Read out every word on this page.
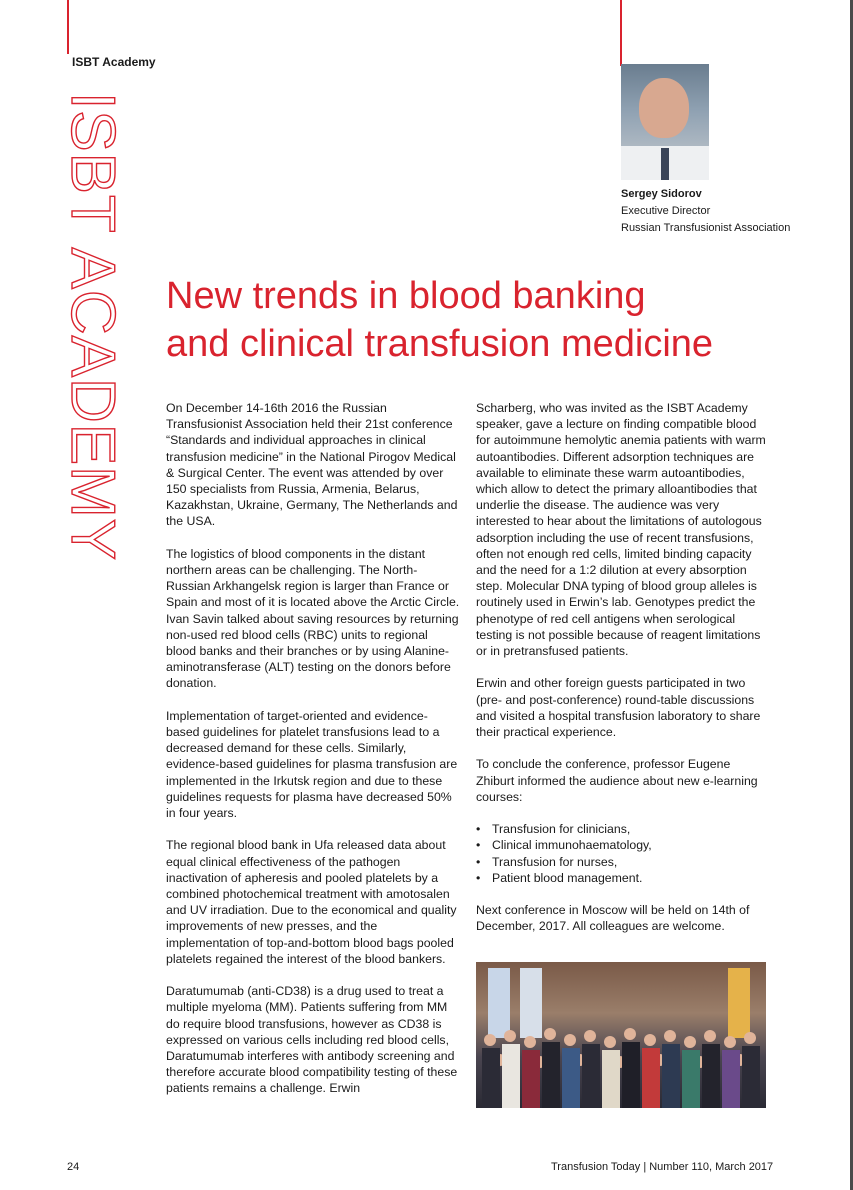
ISBT Academy
ISBT ACADEMY	Sergey Sidorov
Executive Director
Russian Transfusionist Association
New trends in blood banking
and clinical transfusion medicine

On December 14-16th 2016 the Russian Transfusionist Association held their 21st conference “Standards and individual approaches in clinical transfusion medicine” in the National Pirogov Medical & Surgical Center. The event was attended by over 150 specialists from Russia, Armenia, Belarus, Kazakhstan, Ukraine, Germany, The Netherlands and the USA.

The logistics of blood components in the distant northern areas can be challenging. The North-Russian Arkhangelsk region is larger than France or Spain and most of it is located above the Arctic Circle. Ivan Savin talked about saving resources by returning non-used red blood cells (RBC) units to regional blood banks and their branches or by using Alanine-aminotransferase (ALT) testing on the donors before donation.

Implementation of target-oriented and evidence-based guidelines for platelet transfusions lead to a decreased demand for these cells. Similarly, evidence-based guidelines for plasma transfusion are implemented in the Irkutsk region and due to these guidelines requests for plasma have decreased 50% in four years.

The regional blood bank in Ufa released data about equal clinical effectiveness of the pathogen inactivation of apheresis and pooled platelets by a combined photochemical treatment with amotosalen and UV irradiation. Due to the economical and quality improvements of new presses, and the implementation of top-and-bottom blood bags pooled platelets regained the interest of the blood bankers.

Daratumumab (anti-CD38) is a drug used to treat a multiple myeloma (MM). Patients suffering from MM do require blood transfusions, however as CD38 is expressed on various cells including red blood cells, Daratumumab interferes with antibody screening and therefore accurate blood compatibility testing of these patients remains a challenge. Erwin

Scharberg, who was invited as the ISBT Academy speaker, gave a lecture on finding compatible blood for autoimmune hemolytic anemia patients with warm autoantibodies. Different adsorption techniques are available to eliminate these warm autoantibodies, which allow to detect the primary alloantibodies that underlie the disease. The audience was very interested to hear about the limitations of autologous adsorption including the use of recent transfusions, often not enough red cells, limited binding capacity and the need for a 1:2 dilution at every absorption step. Molecular DNA typing of blood group alleles is routinely used in Erwin’s lab. Genotypes predict the phenotype of red cell antigens when serological testing is not possible because of reagent limitations or in pretransfused patients.

Erwin and other foreign guests participated in two (pre- and post-conference) round-table discussions and visited a hospital transfusion laboratory to share their practical experience.

To conclude the conference, professor Eugene Zhiburt informed the audience about new e-learning courses:

• Transfusion for clinicians,
• Clinical immunohaematology,
• Transfusion for nurses,
• Patient blood management.

Next conference in Moscow will be held on 14th of December, 2017. All colleagues are welcome.

24	Transfusion Today | Number 110, March 2017
